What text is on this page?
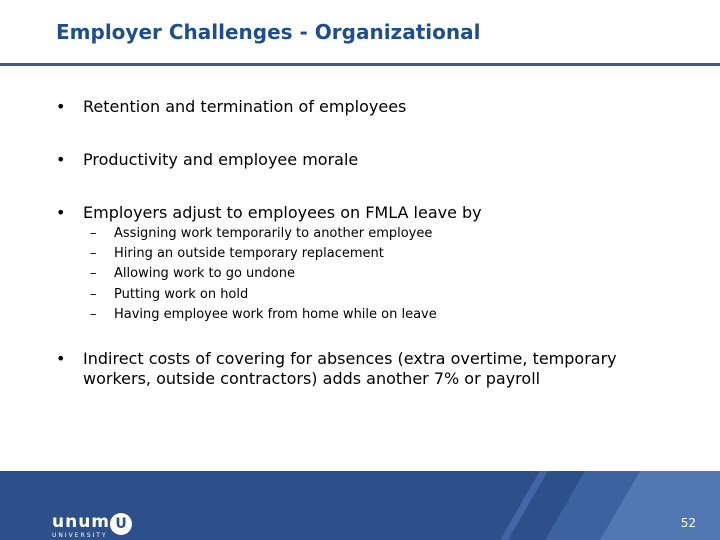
Employer Challenges - Organizational
• Retention and termination of employees
• Productivity and employee morale
• Employers adjust to employees on FMLA leave by
– Assigning work temporarily to another employee
– Hiring an outside temporary replacement
– Allowing work to go undone
– Putting work on hold
– Having employee work from home while on leave
• Indirect costs of covering for absences (extra overtime, temporary workers, outside contractors) adds another 7% or payroll
unum U
UNIVERSITY
52
